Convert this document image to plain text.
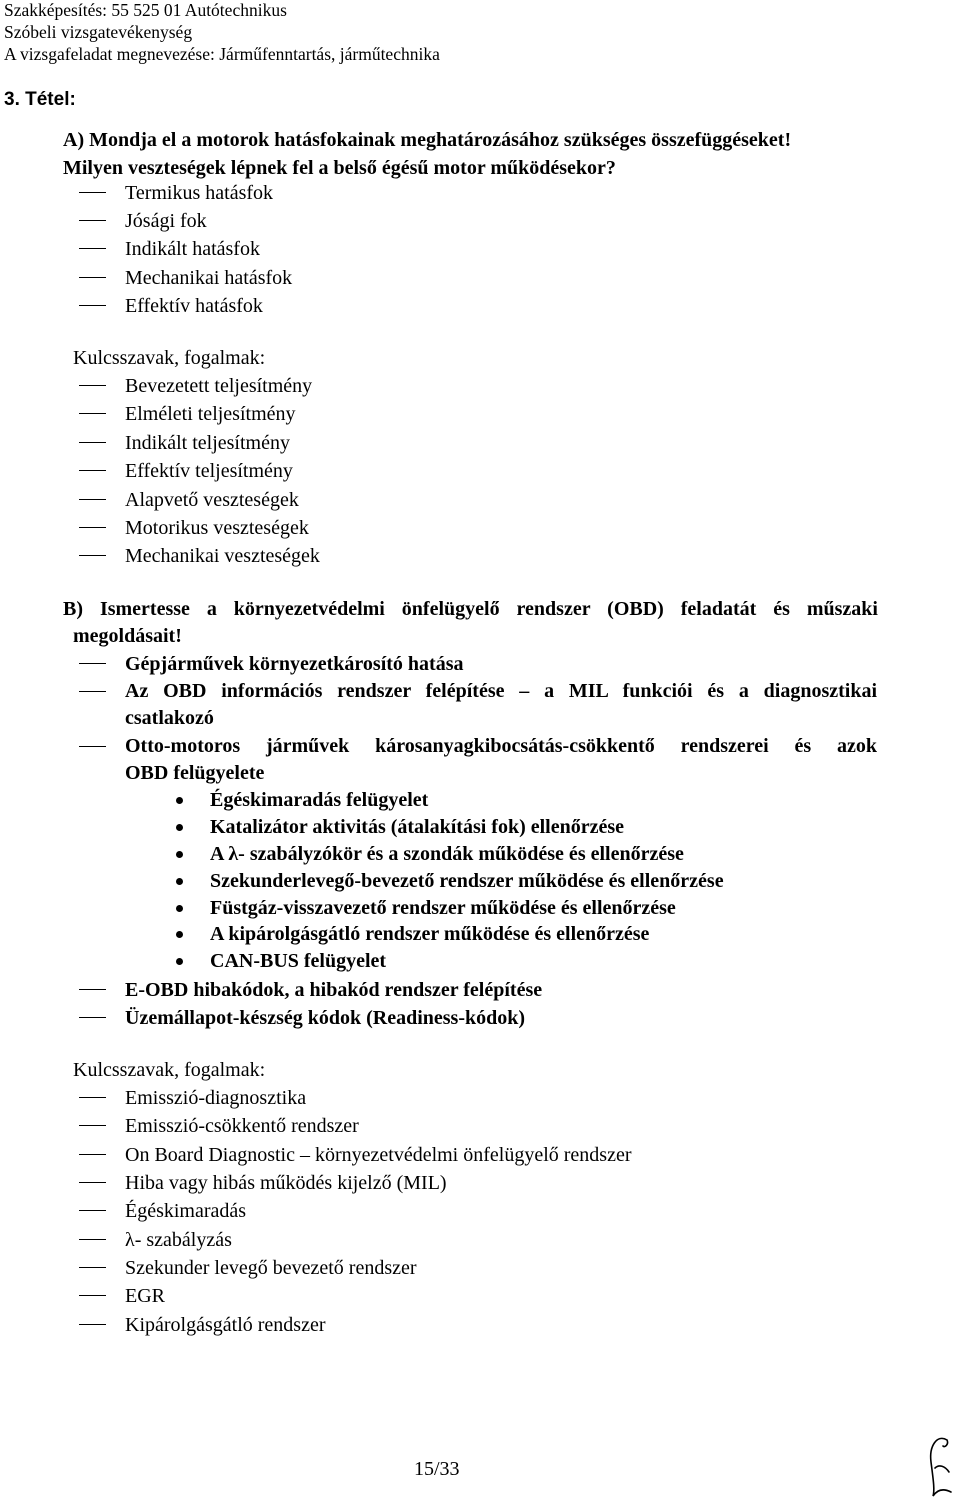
Szakképesítés: 55 525 01 Autótechnikus
Szóbeli vizsgatevékenység
A vizsgafeladat megnevezése: Járműfenntartás, járműtechnika
3. Tétel:
A) Mondja el a motorok hatásfokainak meghatározásához szükséges összefüggéseket!
Milyen veszteségek lépnek fel a belső égésű motor működésekor?
Termikus hatásfok
Jósági fok
Indikált hatásfok
Mechanikai hatásfok
Effektív hatásfok
Kulcsszavak, fogalmak:
Bevezetett teljesítmény
Elméleti teljesítmény
Indikált teljesítmény
Effektív teljesítmény
Alapvető veszteségek
Motorikus veszteségek
Mechanikai veszteségek
B) Ismertesse a környezetvédelmi önfelügyelő rendszer (OBD) feladatát és műszaki
megoldásait!
Gépjárművek környezetkárosító hatása
Az OBD információs rendszer felépítése – a MIL funkciói és a diagnosztikai
csatlakozó
Otto-motoros járművek károsanyagkibocsátás-csökkentő rendszerei és azok
OBD felügyelete
Égéskimaradás felügyelet
Katalizátor aktivitás (átalakítási fok) ellenőrzése
A λ- szabályzókör és a szondák működése és ellenőrzése
Szekunderlevegő-bevezető rendszer működése és ellenőrzése
Füstgáz-visszavezető rendszer működése és ellenőrzése
A kipárolgásgátló rendszer működése és ellenőrzése
CAN-BUS felügyelet
E-OBD hibakódok, a hibakód rendszer felépítése
Üzemállapot-készség kódok (Readiness-kódok)
Kulcsszavak, fogalmak:
Emisszió-diagnosztika
Emisszió-csökkentő rendszer
On Board Diagnostic – környezetvédelmi önfelügyelő rendszer
Hiba vagy hibás működés kijelző (MIL)
Égéskimaradás
λ- szabályzás
Szekunder levegő bevezető rendszer
EGR
Kipárolgásgátló rendszer
15/33
